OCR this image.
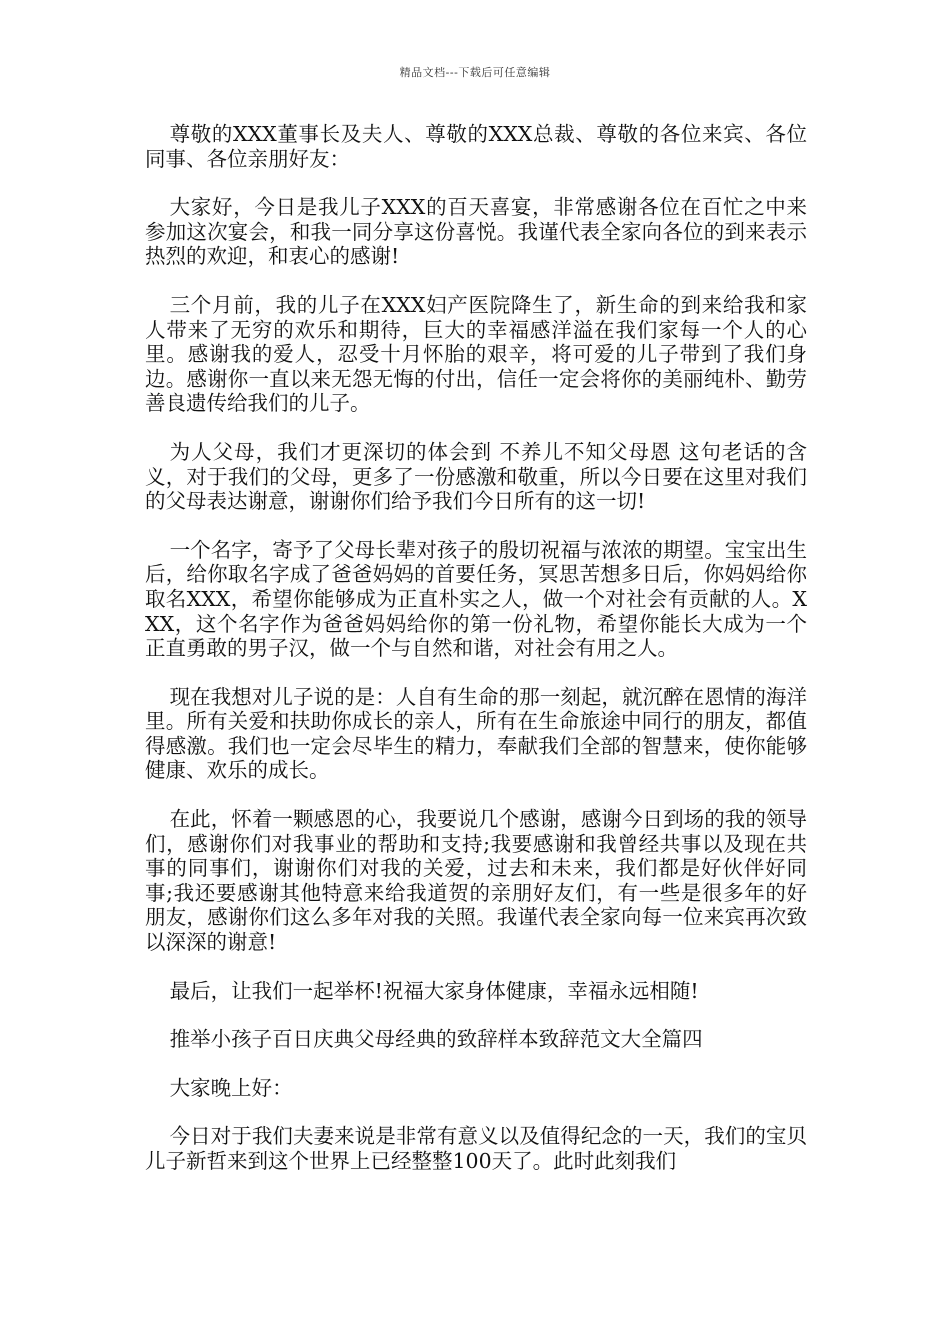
精品文档---下载后可任意编辑

尊敬的XXX董事长及夫人、尊敬的XXX总裁、尊敬的各位来宾、各位同事、各位亲朋好友：

大家好，今日是我儿子XXX的百天喜宴，非常感谢各位在百忙之中来参加这次宴会，和我一同分享这份喜悦。我谨代表全家向各位的到来表示热烈的欢迎，和衷心的感谢!

三个月前，我的儿子在XXX妇产医院降生了，新生命的到来给我和家人带来了无穷的欢乐和期待，巨大的幸福感洋溢在我们家每一个人的心里。感谢我的爱人，忍受十月怀胎的艰辛，将可爱的儿子带到了我们身边。感谢你一直以来无怨无悔的付出，信任一定会将你的美丽纯朴、勤劳善良遗传给我们的儿子。

为人父母，我们才更深切的体会到 不养儿不知父母恩 这句老话的含义，对于我们的父母，更多了一份感激和敬重，所以今日要在这里对我们的父母表达谢意，谢谢你们给予我们今日所有的这一切!

一个名字，寄予了父母长辈对孩子的殷切祝福与浓浓的期望。宝宝出生后，给你取名字成了爸爸妈妈的首要任务，冥思苦想多日后，你妈妈给你取名XXX，希望你能够成为正直朴实之人，做一个对社会有贡献的人。XXX，这个名字作为爸爸妈妈给你的第一份礼物，希望你能长大成为一个正直勇敢的男子汉，做一个与自然和谐，对社会有用之人。

现在我想对儿子说的是：人自有生命的那一刻起，就沉醉在恩情的海洋里。所有关爱和扶助你成长的亲人，所有在生命旅途中同行的朋友，都值得感激。我们也一定会尽毕生的精力，奉献我们全部的智慧来，使你能够健康、欢乐的成长。

在此，怀着一颗感恩的心，我要说几个感谢，感谢今日到场的我的领导们，感谢你们对我事业的帮助和支持;我要感谢和我曾经共事以及现在共事的同事们，谢谢你们对我的关爱，过去和未来，我们都是好伙伴好同事;我还要感谢其他特意来给我道贺的亲朋好友们，有一些是很多年的好朋友，感谢你们这么多年对我的关照。我谨代表全家向每一位来宾再次致以深深的谢意!

最后，让我们一起举杯!祝福大家身体健康，幸福永远相随!

推举小孩子百日庆典父母经典的致辞样本致辞范文大全篇四

大家晚上好：

今日对于我们夫妻来说是非常有意义以及值得纪念的一天，我们的宝贝儿子新哲来到这个世界上已经整整100天了。此时此刻我们
